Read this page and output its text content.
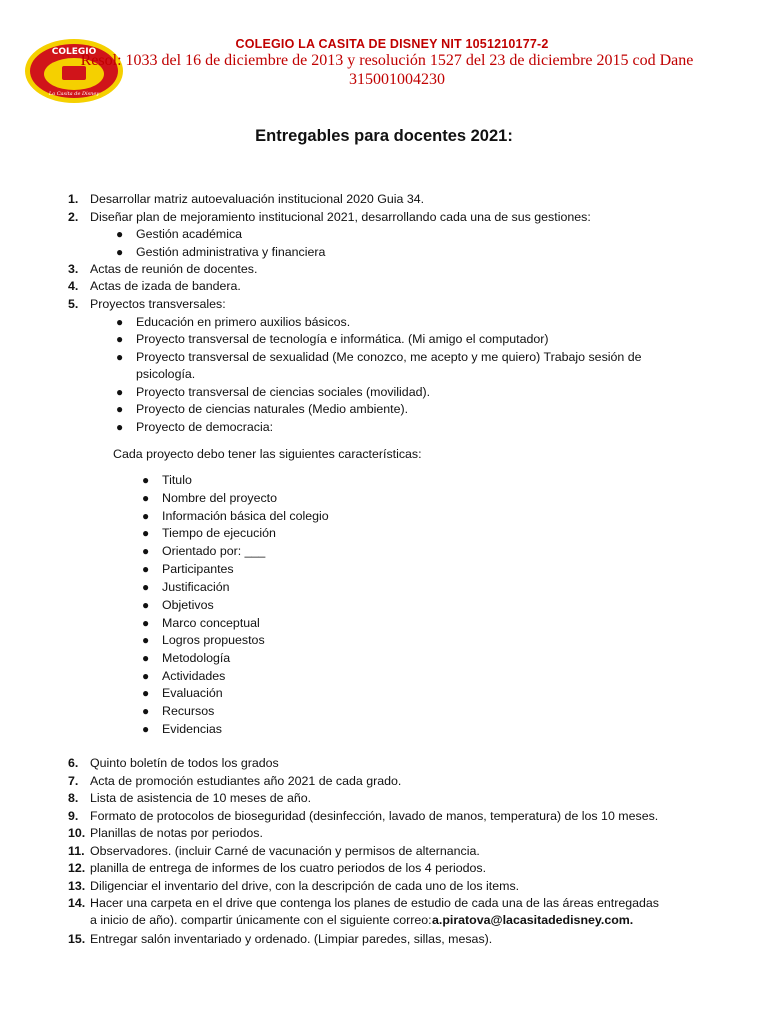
COLEGIO
La Casita de Disney
COLEGIO LA CASITA DE DISNEY NIT 1051210177-2
Resol: 1033 del 16 de diciembre de 2013 y resolución 1527 del 23 de diciembre 2015 cod Dane
315001004230
Entregables para docentes 2021:
1. Desarrollar matriz autoevaluación institucional 2020 Guia 34.
2. Diseñar plan de mejoramiento institucional 2021, desarrollando cada una de sus gestiones:
● Gestión académica
● Gestión administrativa y financiera
3. Actas de reunión de docentes.
4. Actas de izada de bandera.
5. Proyectos transversales:
● Educación en primero auxilios básicos.
● Proyecto transversal de tecnología e informática. (Mi amigo el computador)
● Proyecto transversal de sexualidad (Me conozco, me acepto y me quiero) Trabajo sesión de
psicología.
● Proyecto transversal de ciencias sociales (movilidad).
● Proyecto de ciencias naturales (Medio ambiente).
● Proyecto de democracia:
Cada proyecto debo tener las siguientes características:
● Titulo
● Nombre del proyecto
● Información básica del colegio
● Tiempo de ejecución
● Orientado por: ___
● Participantes
● Justificación
● Objetivos
● Marco conceptual
● Logros propuestos
● Metodología
● Actividades
● Evaluación
● Recursos
● Evidencias
6. Quinto boletín de todos los grados
7. Acta de promoción estudiantes año 2021 de cada grado.
8. Lista de asistencia de 10 meses de año.
9. Formato de protocolos de bioseguridad (desinfección, lavado de manos, temperatura) de los 10 meses.
10. Planillas de notas por periodos.
11. Observadores. (incluir Carné de vacunación y permisos de alternancia.
12. planilla de entrega de informes de los cuatro periodos de los 4 periodos.
13. Diligenciar el inventario del drive, con la descripción de cada uno de los items.
14. Hacer una carpeta en el drive que contenga los planes de estudio de cada una de las áreas entregadas
a inicio de año). compartir únicamente con el siguiente correo: a.piratova@lacasitadedisney.com.
15. Entregar salón inventariado y ordenado. (Limpiar paredes, sillas, mesas).
